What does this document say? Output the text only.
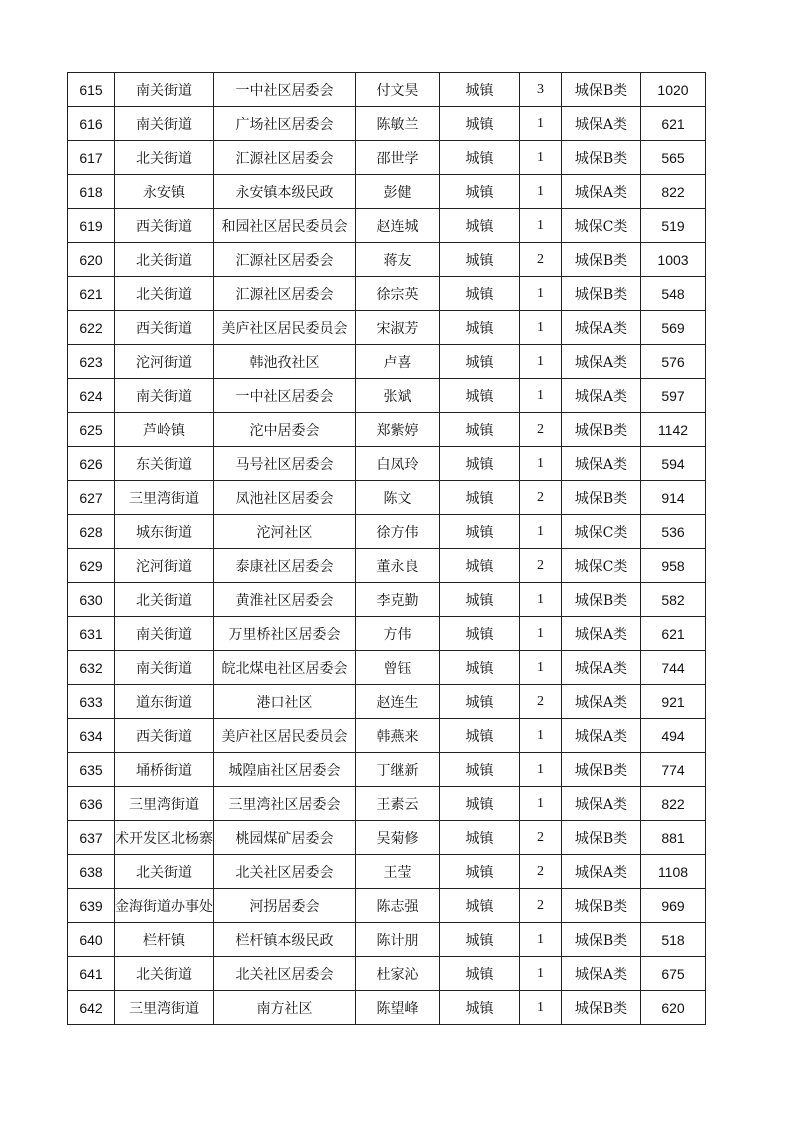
615	南关街道	一中社区居委会	付文昊	城镇	3	城保B类	1020
616	南关街道	广场社区居委会	陈敏兰	城镇	1	城保A类	621
617	北关街道	汇源社区居委会	邵世学	城镇	1	城保B类	565
618	永安镇	永安镇本级民政	彭健	城镇	1	城保A类	822
619	西关街道	和园社区居民委员会	赵连城	城镇	1	城保C类	519
620	北关街道	汇源社区居委会	蒋友	城镇	2	城保B类	1003
621	北关街道	汇源社区居委会	徐宗英	城镇	1	城保B类	548
622	西关街道	美庐社区居民委员会	宋淑芳	城镇	1	城保A类	569
623	沱河街道	韩池孜社区	卢喜	城镇	1	城保A类	576
624	南关街道	一中社区居委会	张斌	城镇	1	城保A类	597
625	芦岭镇	沱中居委会	郑紫婷	城镇	2	城保B类	1142
626	东关街道	马号社区居委会	白凤玲	城镇	1	城保A类	594
627	三里湾街道	凤池社区居委会	陈文	城镇	2	城保B类	914
628	城东街道	沱河社区	徐方伟	城镇	1	城保C类	536
629	沱河街道	泰康社区居委会	董永良	城镇	2	城保C类	958
630	北关街道	黄淮社区居委会	李克勤	城镇	1	城保B类	582
631	南关街道	万里桥社区居委会	方伟	城镇	1	城保A类	621
632	南关街道	皖北煤电社区居委会	曾钰	城镇	1	城保A类	744
633	道东街道	港口社区	赵连生	城镇	2	城保A类	921
634	西关街道	美庐社区居民委员会	韩燕来	城镇	1	城保A类	494
635	埇桥街道	城隍庙社区居委会	丁继新	城镇	1	城保B类	774
636	三里湾街道	三里湾社区居委会	王素云	城镇	1	城保A类	822
637	术开发区北杨寨	桃园煤矿居委会	吴菊修	城镇	2	城保B类	881
638	北关街道	北关社区居委会	王莹	城镇	2	城保A类	1108
639	金海街道办事处	河拐居委会	陈志强	城镇	2	城保B类	969
640	栏杆镇	栏杆镇本级民政	陈计朋	城镇	1	城保B类	518
641	北关街道	北关社区居委会	杜家沁	城镇	1	城保A类	675
642	三里湾街道	南方社区	陈望峰	城镇	1	城保B类	620
